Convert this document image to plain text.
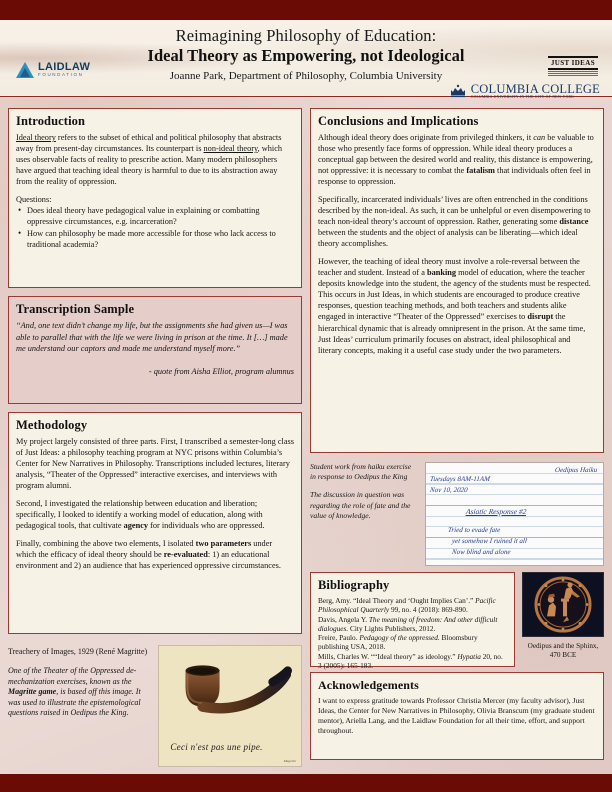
LAIDLAW
FOUNDATION
Reimagining Philosophy of Education:
Ideal Theory as Empowering, not Ideological
Joanne Park, Department of Philosophy, Columbia University
JUST IDEAS
COLUMBIA COLLEGE
COLUMBIA UNIVERSITY IN THE CITY OF NEW YORK
Introduction

Ideal theory refers to the subset of ethical and political philosophy that abstracts away from present-day circumstances. Its counterpart is non-ideal theory, which uses observable facts of reality to prescribe action. Many modern philosophers have argued that teaching ideal theory is harmful to due to its abstraction away from the reality of oppression.

Questions:

• Does ideal theory have pedagogical value in explaining or combatting oppressive circumstances, e.g. incarceration?
• How can philosophy be made more accessible for those who lack access to traditional academia?
Transcription Sample
“And, one text didn’t change my life, but the assignments she had given us—I was able to parallel that with the life we were living in prison at the time. It […] made me understand our captors and made me understand myself more.”
- quote from Aisha Elliot, program alumnus
Methodology

My project largely consisted of three parts. First, I transcribed a semester-long class of Just Ideas: a philosophy teaching program at NYC prisons within Columbia’s Center for New Narratives in Philosophy. Transcriptions included lectures, literary analysis, “Theater of the Oppressed” interactive exercises, and interviews with program alumni.

Second, I investigated the relationship between education and liberation; specifically, I looked to identify a working model of education, along with pedagogical tools, that cultivate agency for individuals who are oppressed.

Finally, combining the above two elements, I isolated two parameters under which the efficacy of ideal theory should be re-evaluated: 1) an educational environment and 2) an audience that has experienced oppressive circumstances.

Treachery of Images, 1929 (René Magritte)
One of the Theater of the Oppressed de-mechanization exercises, known as the Magritte game, is based off this image. It was used to illustrate the epistemological questions raised in Oedipus the King.
Ceci n'est pas une pipe.
Magritte
Conclusions and Implications

Although ideal theory does originate from privileged thinkers, it can be valuable to those who presently face forms of oppression. While ideal theory produces a conceptual gap between the desired world and reality, this distance is empowering, not oppressive: it is necessary to combat the fatalism that individuals often feel in response to oppression.

Specifically, incarcerated individuals’ lives are often entrenched in the conditions described by the non-ideal. As such, it can be unhelpful or even disempowering to teach non-ideal theory’s account of oppression. Rather, generating some distance between the students and the object of analysis can be liberating—which ideal theory accomplishes.

However, the teaching of ideal theory must involve a role-reversal between the teacher and student. Instead of a banking model of education, where the teacher deposits knowledge into the student, the agency of the students must be respected. This occurs in Just Ideas, in which students are encouraged to produce creative responses, question teaching methods, and both teachers and students alike engaged in interactive “Theater of the Oppressed” exercises to disrupt the hierarchical dynamic that is already omnipresent in the prison. At the same time, Just Ideas’ curriculum primarily focuses on abstract, ideal philosophical and literary concepts, making it a useful case study under the two parameters.

Student work from haiku exercise in response to Oedipus the King

The discussion in question was regarding the role of fate and the value of knowledge.

Oedipus Haiku
Tuesdays 8AM-11AM
Nov 10, 2020
Asiatic Response #2
Tried to evade fate
yet somehow I ruined it all
Now blind and alone
Bibliography
Berg, Amy. “Ideal Theory and ‘Ought Implies Can’.” Pacific Philosophical Quarterly 99, no. 4 (2018): 869-890.
Davis, Angela Y. The meaning of freedom: And other difficult dialogues. City Lights Publishers, 2012.
Freire, Paulo. Pedagogy of the oppressed. Bloomsbury publishing USA, 2018.
Mills, Charles W. ““Ideal theory” as ideology.” Hypatia 20, no. 3 (2005): 165-183.
Oedipus and the Sphinx, 470 BCE
Acknowledgements

I want to express gratitude towards Professor Christia Mercer (my faculty advisor), Just Ideas, the Center for New Narratives in Philosophy, Olivia Branscum (my graduate student mentor), Ariella Lang, and the Laidlaw Foundation for all their time, effort, and support throughout.
